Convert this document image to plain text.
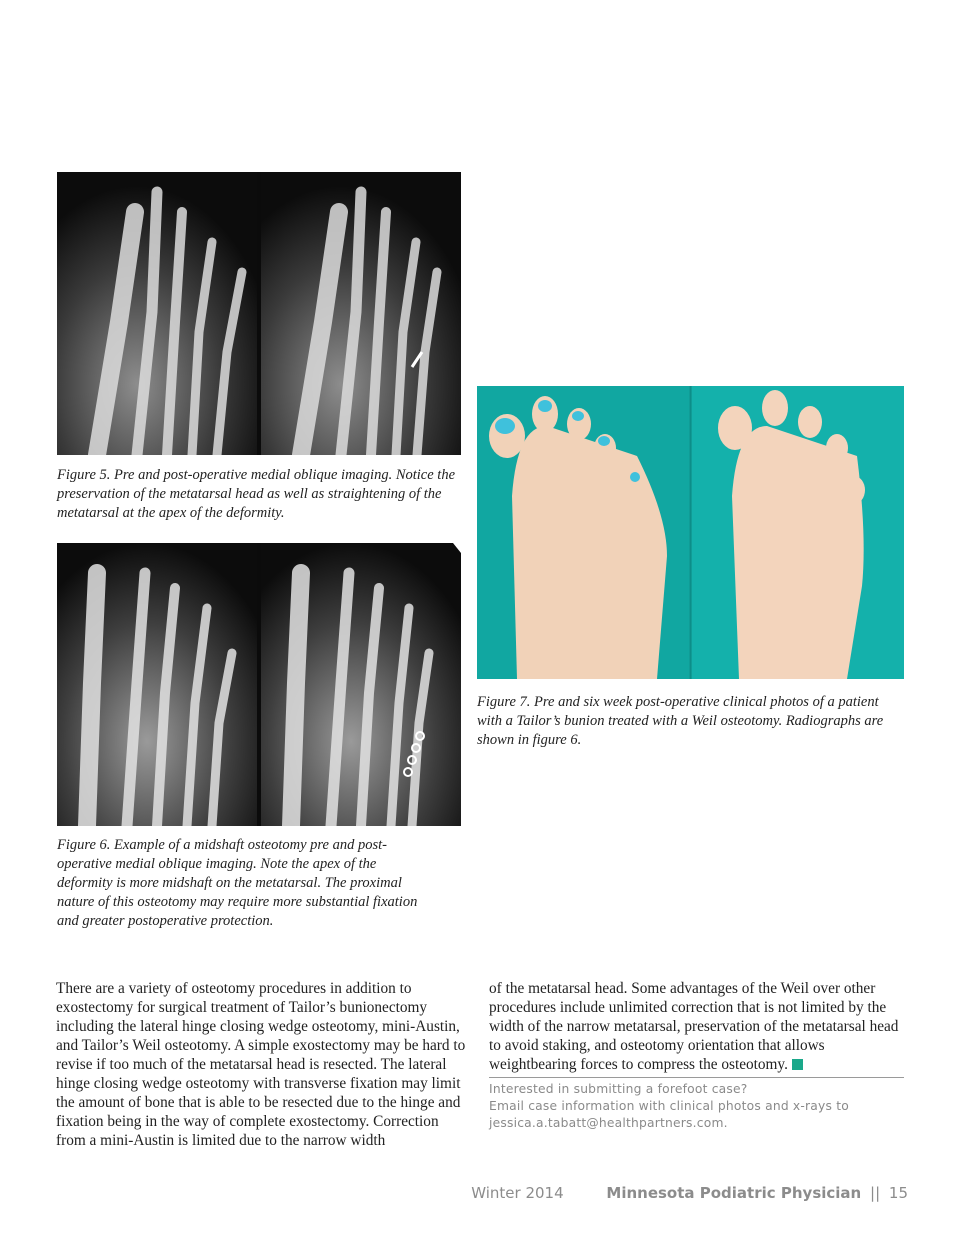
Figure 5. Pre and post-operative medial oblique imaging. Notice the preservation of the metatarsal head as well as straightening of the metatarsal at the apex of the deformity.

Figure 6. Example of a midshaft osteotomy pre and post-operative medial oblique imaging. Note the apex of the deformity is more midshaft on the metatarsal. The proximal nature of this osteotomy may require more substantial fixation and greater postoperative protection.

Figure 7. Pre and six week post-operative clinical photos of a patient with a Tailor’s bunion treated with a Weil osteotomy. Radiographs are shown in figure 6.

There are a variety of osteotomy procedures in addition to exostectomy for surgical treatment of Tailor’s bunionectomy including the lateral hinge closing wedge osteotomy, mini-Austin, and Tailor’s Weil osteotomy. A simple exostectomy may be hard to revise if too much of the metatarsal head is resected. The lateral hinge closing wedge osteotomy with transverse fixation may limit the amount of bone that is able to be resected due to the hinge and fixation being in the way of complete exostectomy. Correction from a mini-Austin is limited due to the narrow width

of the metatarsal head. Some advantages of the Weil over other procedures include unlimited correction that is not limited by the width of the narrow metatarsal, preservation of the metatarsal head to avoid staking, and osteotomy orientation that allows weightbearing forces to compress the osteotomy.

Interested in submitting a forefoot case?
Email case information with clinical photos and x-rays to
jessica.a.tabatt@healthpartners.com.
Winter 2014	Minnesota Podiatric Physician || 15
